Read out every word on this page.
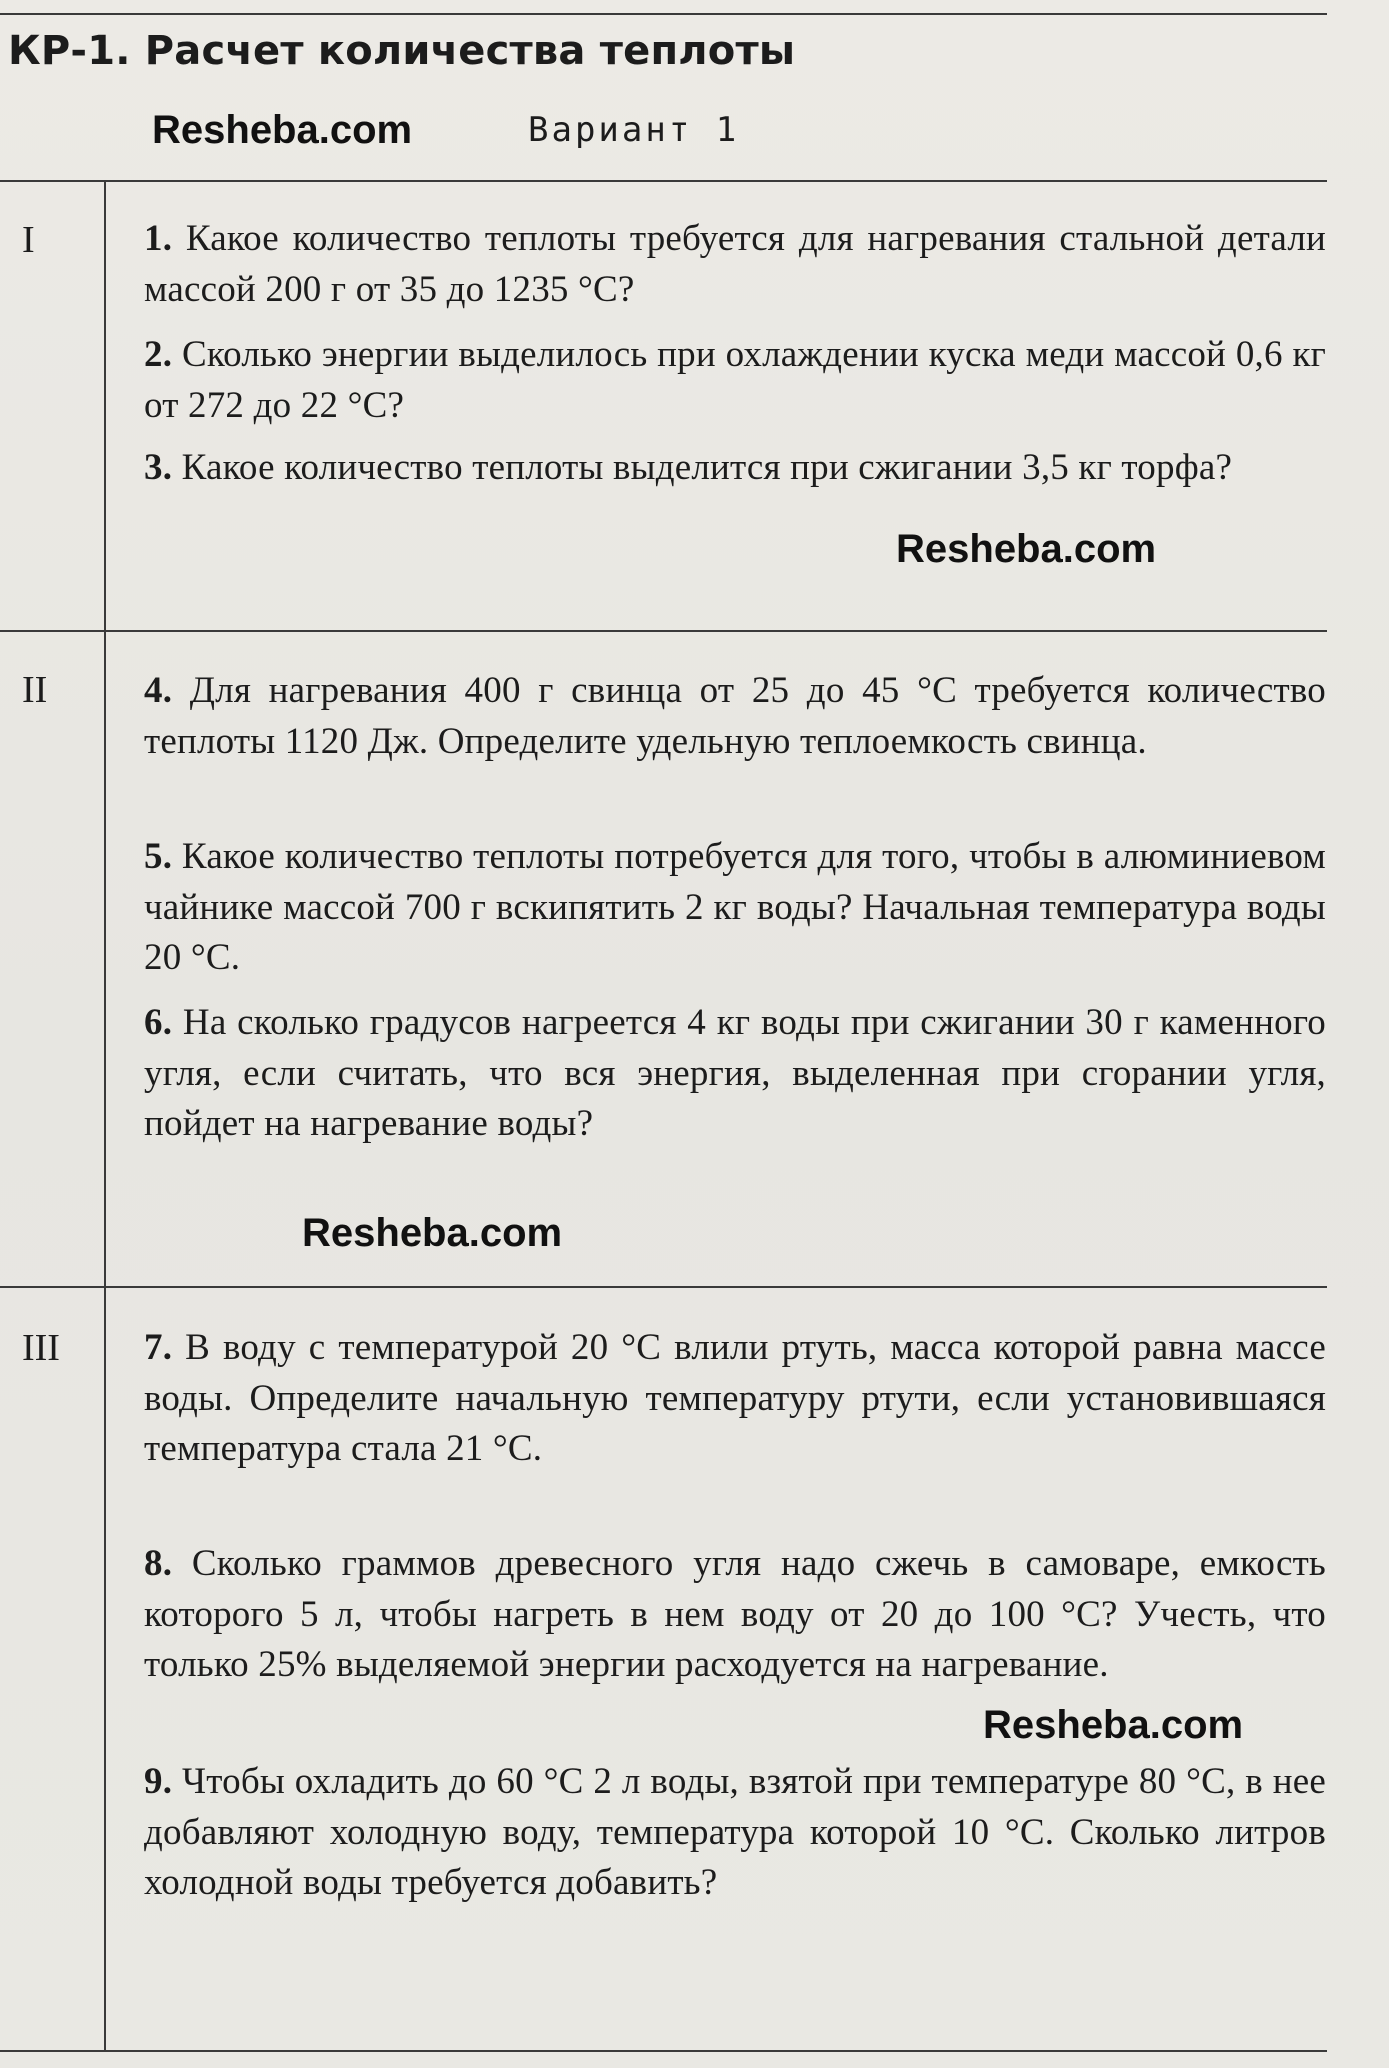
КР-1. Расчет количества теплоты
Вариант 1
Resheba.com
Resheba.com
Resheba.com
Resheba.com
I	1. Какое количество теплоты требуется для нагревания стальной детали массой 200 г от 35 до 1235 °С?
2. Сколько энергии выделилось при охлаждении куска меди массой 0,6 кг от 272 до 22 °С?
3. Какое количество теплоты выделится при сжигании 3,5 кг торфа?
II	4. Для нагревания 400 г свинца от 25 до 45 °С требуется количество теплоты 1120 Дж. Определите удельную теплоемкость свинца.
5. Какое количество теплоты потребуется для того, чтобы в алюминиевом чайнике массой 700 г вскипятить 2 кг воды? Начальная температура воды 20 °С.
6. На сколько градусов нагреется 4 кг воды при сжигании 30 г каменного угля, если считать, что вся энергия, выделенная при сгорании угля, пойдет на нагревание воды?
III 7. В воду с температурой 20 °С влили ртуть, масса которой равна массе воды. Определите начальную температуру ртути, если установившаяся температура стала 21 °С.
8. Сколько граммов древесного угля надо сжечь в самоваре, емкость которого 5 л, чтобы нагреть в нем воду от 20 до 100 °С? Учесть, что только 25% выделяемой энергии расходуется на нагревание.
9. Чтобы охладить до 60 °С 2 л воды, взятой при температуре 80 °С, в нее добавляют холодную воду, температура которой 10 °С. Сколько литров холодной воды требуется добавить?
